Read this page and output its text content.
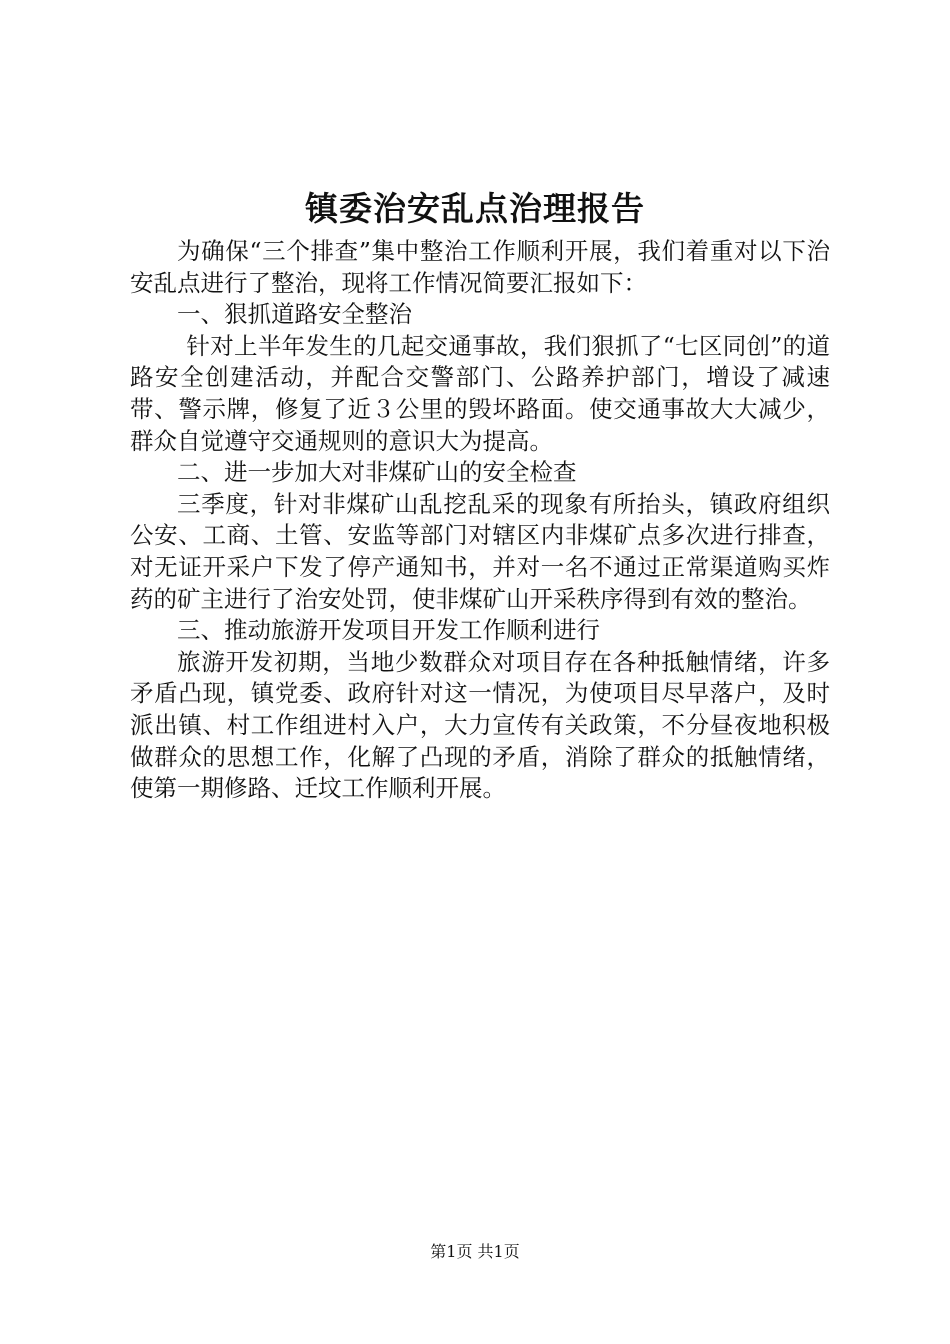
镇委治安乱点治理报告

为确保“三个排查”集中整治工作顺利开展，我们着重对以下治安乱点进行了整治，现将工作情况简要汇报如下：

一、狠抓道路安全整治

针对上半年发生的几起交通事故，我们狠抓了“七区同创”的道路安全创建活动，并配合交警部门、公路养护部门，增设了减速带、警示牌，修复了近３公里的毁坏路面。使交通事故大大减少，群众自觉遵守交通规则的意识大为提高。

二、进一步加大对非煤矿山的安全检查

三季度，针对非煤矿山乱挖乱采的现象有所抬头，镇政府组织公安、工商、土管、安监等部门对辖区内非煤矿点多次进行排查，对无证开采户下发了停产通知书，并对一名不通过正常渠道购买炸药的矿主进行了治安处罚，使非煤矿山开采秩序得到有效的整治。

三、推动旅游开发项目开发工作顺利进行

旅游开发初期，当地少数群众对项目存在各种抵触情绪，许多矛盾凸现，镇党委、政府针对这一情况，为使项目尽早落户，及时派出镇、村工作组进村入户，大力宣传有关政策，不分昼夜地积极做群众的思想工作，化解了凸现的矛盾，消除了群众的抵触情绪，使第一期修路、迁坟工作顺利开展。

第1页 共1页
